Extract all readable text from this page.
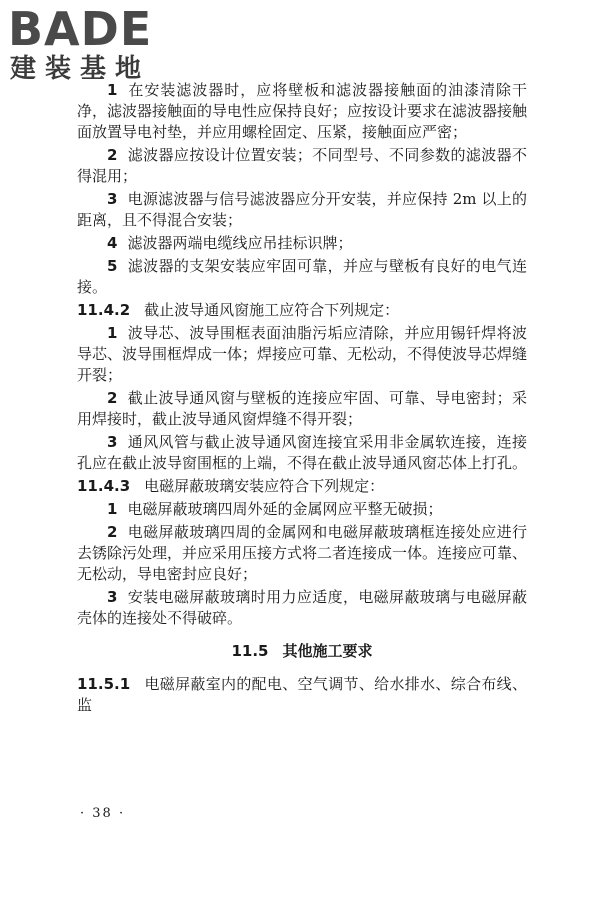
BADE
建装基地
1 在安装滤波器时，应将壁板和滤波器接触面的油漆清除干净，滤波器接触面的导电性应保持良好；应按设计要求在滤波器接触面放置导电衬垫，并应用螺栓固定、压紧，接触面应严密；
2 滤波器应按设计位置安装；不同型号、不同参数的滤波器不得混用；
3 电源滤波器与信号滤波器应分开安装，并应保持 2m 以上的距离，且不得混合安装；
4 滤波器两端电缆线应吊挂标识牌；
5 滤波器的支架安装应牢固可靠，并应与壁板有良好的电气连接。
11.4.2 截止波导通风窗施工应符合下列规定：
1 波导芯、波导围框表面油脂污垢应清除，并应用锡钎焊将波导芯、波导围框焊成一体；焊接应可靠、无松动，不得使波导芯焊缝开裂；
2 截止波导通风窗与壁板的连接应牢固、可靠、导电密封；采用焊接时，截止波导通风窗焊缝不得开裂；
3 通风风管与截止波导通风窗连接宜采用非金属软连接，连接孔应在截止波导窗围框的上端，不得在截止波导通风窗芯体上打孔。
11.4.3 电磁屏蔽玻璃安装应符合下列规定：
1 电磁屏蔽玻璃四周外延的金属网应平整无破损；
2 电磁屏蔽玻璃四周的金属网和电磁屏蔽玻璃框连接处应进行去锈除污处理，并应采用压接方式将二者连接成一体。连接应可靠、无松动，导电密封应良好；
3 安装电磁屏蔽玻璃时用力应适度，电磁屏蔽玻璃与电磁屏蔽壳体的连接处不得破碎。
11.5 其他施工要求
11.5.1 电磁屏蔽室内的配电、空气调节、给水排水、综合布线、监
· 38 ·
